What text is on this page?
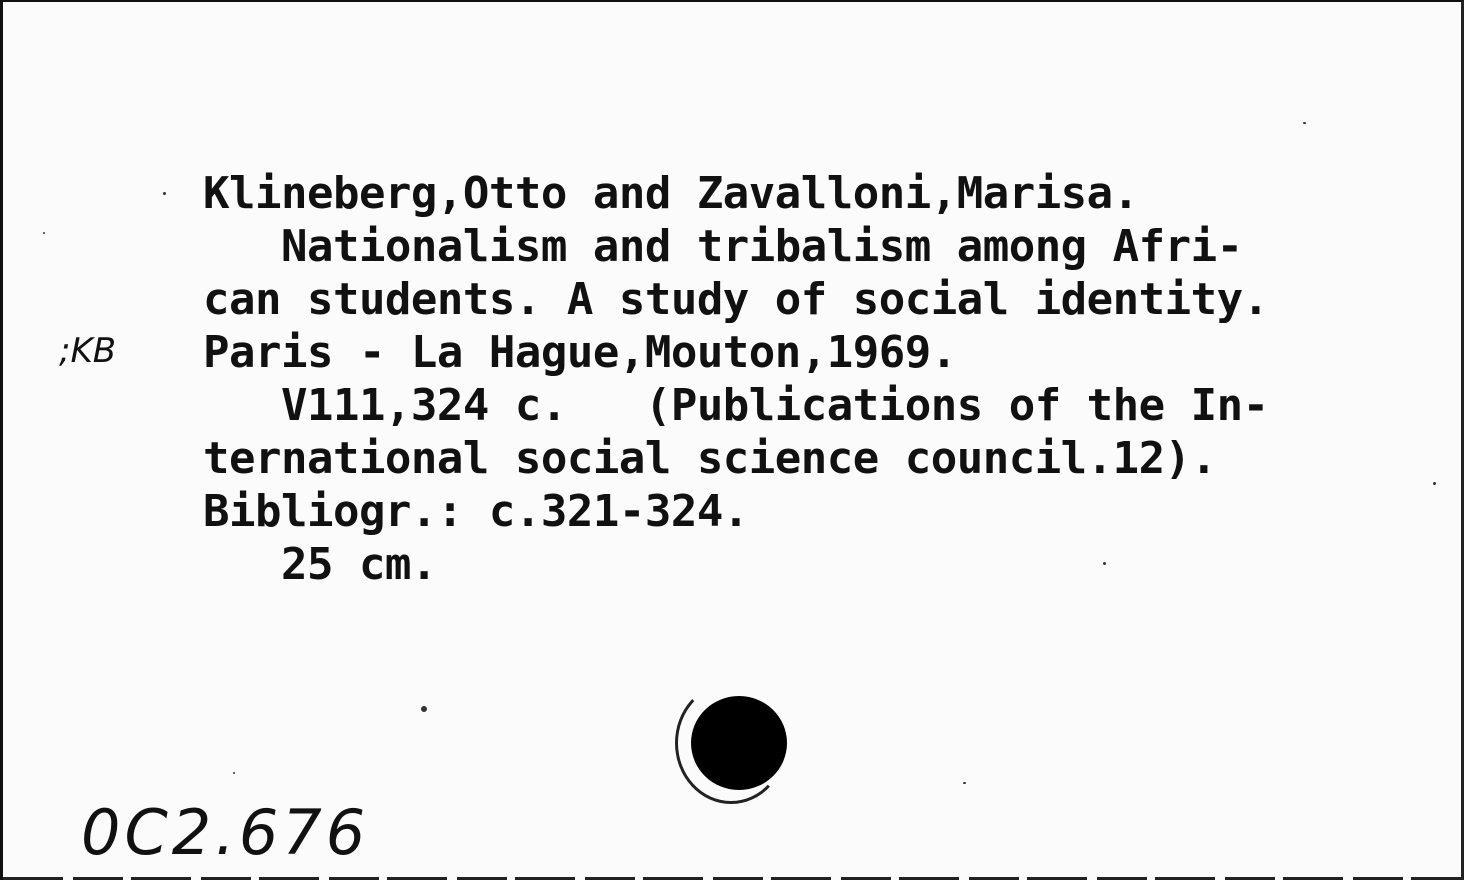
;KB
Klineberg,Otto and Zavalloni,Marisa.
Nationalism and tribalism among Afri-
can students. A study of social identity.
Paris - La Hague,Mouton,1969.
V111,324 c.   (Publications of the In-
ternational social science council.12).
Bibliogr.: c.321-324.
25 cm.
0C2.676
